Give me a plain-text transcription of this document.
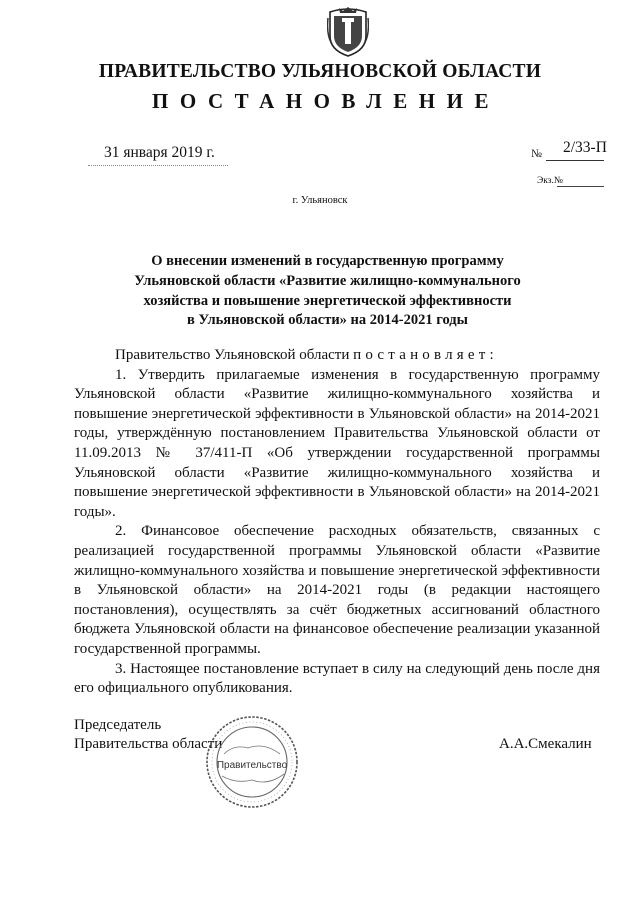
ПРАВИТЕЛЬСТВО УЛЬЯНОВСКОЙ ОБЛАСТИ
ПОСТАНОВЛЕНИЕ
31 января 2019 г.	№ 2/33-П
Экз.№
г. Ульяновск
О внесении изменений в государственную программу
Ульяновской области «Развитие жилищно-коммунального
хозяйства и повышение энергетической эффективности
в Ульяновской области» на 2014-2021 годы

Правительство Ульяновской области постановляет:

1. Утвердить прилагаемые изменения в государственную программу Ульяновской области «Развитие жилищно-коммунального хозяйства и повышение энергетической эффективности в Ульяновской области» на 2014-2021 годы, утверждённую постановлением Правительства Ульяновской области от 11.09.2013 № 37/411-П «Об утверждении государственной программы Ульяновской области «Развитие жилищно-коммунального хозяйства и повышение энергетической эффективности в Ульяновской области» на 2014-2021 годы».

2. Финансовое обеспечение расходных обязательств, связанных с реализацией государственной программы Ульяновской области «Развитие жилищно-коммунального хозяйства и повышение энергетической эффективности в Ульяновской области» на 2014-2021 годы (в редакции настоящего постановления), осуществлять за счёт бюджетных ассигнований областного бюджета Ульяновской области на финансовое обеспечение реализации указанной государственной программы.

3. Настоящее постановление вступает в силу на следующий день после дня его официального опубликования.

Председатель
Правительства области	А.А.Смекалин
Правительство
